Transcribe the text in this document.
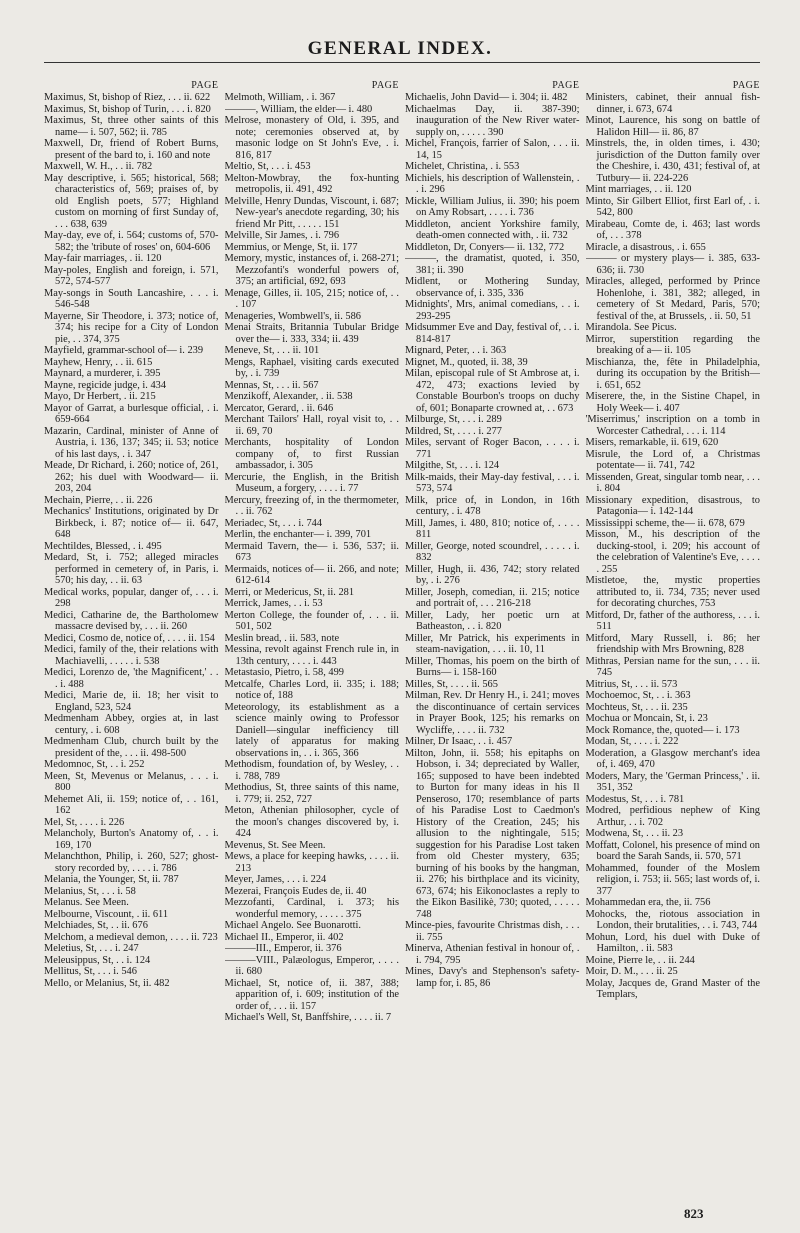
GENERAL INDEX.
PAGE
Maximus, St, bishop of Riez, . . . ii. 622
Maximus, St, bishop of Turin, . . . i. 820
Maximus, St, three other saints of this name— i. 507, 562; ii. 785
Maxwell, Dr, friend of Robert Burns, present of the bard to, i. 160 and note
Maxwell, W. H., . . ii. 782
May descriptive, i. 565; historical, 568; characteristics of, 569; praises of, by old English poets, 577; Highland custom on morning of first Sunday of, . . . 638, 639
May-day, eve of, i. 564; customs of, 570-582; the 'tribute of roses' on, 604-606
May-fair marriages, . ii. 120
May-poles, English and foreign, i. 571, 572, 574-577
May-songs in South Lancashire, . . . i. 546-548
Mayerne, Sir Theodore, i. 373; notice of, 374; his recipe for a City of London pie, . . 374, 375
Mayfield, grammar-school of— i. 239
Mayhew, Henry, . . ii. 615
Maynard, a murderer, i. 395
Mayne, regicide judge, i. 434
Mayo, Dr Herbert, . ii. 215
Mayor of Garrat, a burlesque official, . i. 659-664
Mazarin, Cardinal, minister of Anne of Austria, i. 136, 137; 345; ii. 53; notice of his last days, . i. 347
Meade, Dr Richard, i. 260; notice of, 261, 262; his duel with Woodward— ii. 203, 204
Mechain, Pierre, . . ii. 226
Mechanics' Institutions, originated by Dr Birkbeck, i. 87; notice of— ii. 647, 648
Mechtildes, Blessed, . i. 495
Medard, St, i. 752; alleged miracles performed in cemetery of, in Paris, i. 570; his day, . . ii. 63
Medical works, popular, danger of, . . . i. 298
Medici, Catharine de, the Bartholomew massacre devised by, . . . ii. 260
Medici, Cosmo de, notice of, . . . . ii. 154
Medici, family of the, their relations with Machiavelli, . . . . . i. 538
Medici, Lorenzo de, 'the Magnificent,' . . . i. 488
Medici, Marie de, ii. 18; her visit to England, 523, 524
Medmenham Abbey, orgies at, in last century, . i. 608
Medmenham Club, church built by the president of the, . . . ii. 498-500
Medomnoc, St, . . i. 252
Meen, St, Mevenus or Melanus, . . . i. 800
Mehemet Ali, ii. 159; notice of, . . 161, 162
Mel, St, . . . . i. 226
Melancholy, Burton's Anatomy of, . . i. 169, 170
Melanchthon, Philip, i. 260, 527; ghost-story recorded by, . . . . i. 786
Melania, the Younger, St, ii. 787
Melanius, St, . . . i. 58
Melanus. See Meen.
Melbourne, Viscount, . ii. 611
Melchiades, St, . . ii. 676
Melchom, a medieval demon, . . . . ii. 723
Meletius, St, . . . i. 247
Meleusippus, St, . . i. 124
Mellitus, St, . . . i. 546
Mello, or Melanius, St, ii. 482
PAGE
Melmoth, William, . i. 367
———, William, the elder— i. 480
Melrose, monastery of Old, i. 395, and note; ceremonies observed at, by masonic lodge on St John's Eve, . i. 816, 817
Meltio, St, . . . i. 453
Melton-Mowbray, the fox-hunting metropolis, ii. 491, 492
Melville, Henry Dundas, Viscount, i. 687; New-year's anecdote regarding, 30; his friend Mr Pitt, . . . . . 151
Melville, Sir James, . i. 796
Memmius, or Menge, St, ii. 177
Memory, mystic, instances of, i. 268-271; Mezzofanti's wonderful powers of, 375; an artificial, 692, 693
Menage, Gilles, ii. 105, 215; notice of, . . . 107
Menageries, Wombwell's, ii. 586
Menai Straits, Britannia Tubular Bridge over the— i. 333, 334; ii. 439
Meneve, St, . . . ii. 101
Mengs, Raphael, visiting cards executed by, . i. 739
Mennas, St, . . . ii. 567
Menzikoff, Alexander, . ii. 538
Mercator, Gerard, . ii. 646
Merchant Tailors' Hall, royal visit to, . . ii. 69, 70
Merchants, hospitality of London company of, to first Russian ambassador, i. 305
Mercurie, the English, in the British Museum, a forgery, . . . . i. 77
Mercury, freezing of, in the thermometer, . . ii. 762
Meriadec, St, . . . i. 744
Merlin, the enchanter— i. 399, 701
Mermaid Tavern, the— i. 536, 537; ii. 673
Mermaids, notices of— ii. 266, and note; 612-614
Merri, or Medericus, St, ii. 281
Merrick, James, . . i. 53
Merton College, the founder of, . . . ii. 501, 502
Meslin bread, . ii. 583, note
Messina, revolt against French rule in, in 13th century, . . . . i. 443
Metastasio, Pietro, i. 58, 499
Metcalfe, Charles Lord, ii. 335; i. 188; notice of, 188
Meteorology, its establishment as a science mainly owing to Professor Daniell—singular inefficiency till lately of apparatus for making observations in, . . i. 365, 366
Methodism, foundation of, by Wesley, . . i. 788, 789
Methodius, St, three saints of this name, i. 779; ii. 252, 727
Meton, Athenian philosopher, cycle of the moon's changes discovered by, i. 424
Mevenus, St. See Meen.
Mews, a place for keeping hawks, . . . . ii. 213
Meyer, James, . . . i. 224
Mezerai, François Eudes de, ii. 40
Mezzofanti, Cardinal, i. 373; his wonderful memory, . . . . . 375
Michael Angelo. See Buonarotti.
Michael II., Emperor, ii. 402
———III., Emperor, ii. 376
———VIII., Palæologus, Emperor, . . . . ii. 680
Michael, St, notice of, ii. 387, 388; apparition of, i. 609; institution of the order of, . . . ii. 157
Michael's Well, St, Banffshire, . . . . ii. 7
PAGE
Michaelis, John David— i. 304; ii. 482
Michaelmas Day, ii. 387-390; inauguration of the New River water-supply on, . . . . . 390
Michel, François, farrier of Salon, . . . ii. 14, 15
Michelet, Christina, . i. 553
Michiels, his description of Wallenstein, . . i. 296
Mickle, William Julius, ii. 390; his poem on Amy Robsart, . . . . i. 736
Middleton, ancient Yorkshire family, death-omen connected with, . ii. 732
Middleton, Dr, Conyers— ii. 132, 772
———, the dramatist, quoted, i. 350, 381; ii. 390
Midlent, or Mothering Sunday, observance of, i. 335, 336
Midnights', Mrs, animal comedians, . . i. 293-295
Midsummer Eve and Day, festival of, . . i. 814-817
Mignard, Peter, . . i. 363
Mignet, M., quoted, ii. 38, 39
Milan, episcopal rule of St Ambrose at, i. 472, 473; exactions levied by Constable Bourbon's troops on duchy of, 601; Bonaparte crowned at, . . 673
Milburge, St, . . . i. 289
Mildred, St, . . . . i. 277
Miles, servant of Roger Bacon, . . . . i. 771
Milgithe, St, . . . i. 124
Milk-maids, their May-day festival, . . . i. 573, 574
Milk, price of, in London, in 16th century, . i. 478
Mill, James, i. 480, 810; notice of, . . . . 811
Miller, George, noted scoundrel, . . . . . i. 832
Miller, Hugh, ii. 436, 742; story related by, . i. 276
Miller, Joseph, comedian, ii. 215; notice and portrait of, . . . 216-218
Miller, Lady, her poetic urn at Batheaston, . . i. 820
Miller, Mr Patrick, his experiments in steam-navigation, . . . ii. 10, 11
Miller, Thomas, his poem on the birth of Burns— i. 158-160
Milles, St, . . . . ii. 565
Milman, Rev. Dr Henry H., i. 241; moves the discontinuance of certain services in Prayer Book, 125; his remarks on Wycliffe, . . . . ii. 732
Milner, Dr Isaac, . . i. 457
Milton, John, ii. 558; his epitaphs on Hobson, i. 34; depreciated by Waller, 165; supposed to have been indebted to Burton for many ideas in his Il Penseroso, 170; resemblance of parts of his Paradise Lost to Caedmon's History of the Creation, 245; his allusion to the nightingale, 515; suggestion for his Paradise Lost taken from old Chester mystery, 635; burning of his books by the hangman, ii. 276; his birthplace and its vicinity, 673, 674; his Eikonoclastes a reply to the Eikon Basilikè, 730; quoted, . . . . . 748
Mince-pies, favourite Christmas dish, . . . ii. 755
Minerva, Athenian festival in honour of, . i. 794, 795
Mines, Davy's and Stephenson's safety-lamp for, i. 85, 86
PAGE
Ministers, cabinet, their annual fish-dinner, i. 673, 674
Minot, Laurence, his song on battle of Halidon Hill— ii. 86, 87
Minstrels, the, in olden times, i. 430; jurisdiction of the Dutton family over the Cheshire, i. 430, 431; festival of, at Tutbury— ii. 224-226
Mint marriages, . . ii. 120
Minto, Sir Gilbert Elliot, first Earl of, . i. 542, 800
Mirabeau, Comte de, i. 463; last words of, . . . 378
Miracle, a disastrous, . i. 655
——— or mystery plays— i. 385, 633-636; ii. 730
Miracles, alleged, performed by Prince Hohenlohe, i. 381, 382; alleged, in cemetery of St Medard, Paris, 570; festival of the, at Brussels, . ii. 50, 51
Mirandola. See Picus.
Mirror, superstition regarding the breaking of a— ii. 105
Mischianza, the, fête in Philadelphia, during its occupation by the British— i. 651, 652
Miserere, the, in the Sistine Chapel, in Holy Week— i. 407
'Miserrimus,' inscription on a tomb in Worcester Cathedral, . . . i. 114
Misers, remarkable, ii. 619, 620
Misrule, the Lord of, a Christmas potentate— ii. 741, 742
Missenden, Great, singular tomb near, . . . i. 804
Missionary expedition, disastrous, to Patagonia— i. 142-144
Mississippi scheme, the— ii. 678, 679
Misson, M., his description of the ducking-stool, i. 209; his account of the celebration of Valentine's Eve, . . . . . 255
Mistletoe, the, mystic properties attributed to, ii. 734, 735; never used for decorating churches, 753
Mitford, Dr, father of the authoress, . . . i. 511
Mitford, Mary Russell, i. 86; her friendship with Mrs Browning, 828
Mithras, Persian name for the sun, . . . ii. 745
Mitrius, St, . . . ii. 573
Mochoemoc, St, . . i. 363
Mochteus, St, . . . ii. 235
Mochua or Moncain, St, i. 23
Mock Romance, the, quoted— i. 173
Modan, St, . . . . i. 222
Moderation, a Glasgow merchant's idea of, i. 469, 470
Moders, Mary, the 'German Princess,' . ii. 351, 352
Modestus, St, . . . i. 781
Modred, perfidious nephew of King Arthur, . . i. 702
Modwena, St, . . . ii. 23
Moffatt, Colonel, his presence of mind on board the Sarah Sands, ii. 570, 571
Mohammed, founder of the Moslem religion, i. 753; ii. 565; last words of, i. 377
Mohammedan era, the, ii. 756
Mohocks, the, riotous association in London, their brutalities, . . i. 743, 744
Mohun, Lord, his duel with Duke of Hamilton, . ii. 583
Moine, Pierre le, . . ii. 244
Moir, D. M., . . . ii. 25
Molay, Jacques de, Grand Master of the Templars,
823
